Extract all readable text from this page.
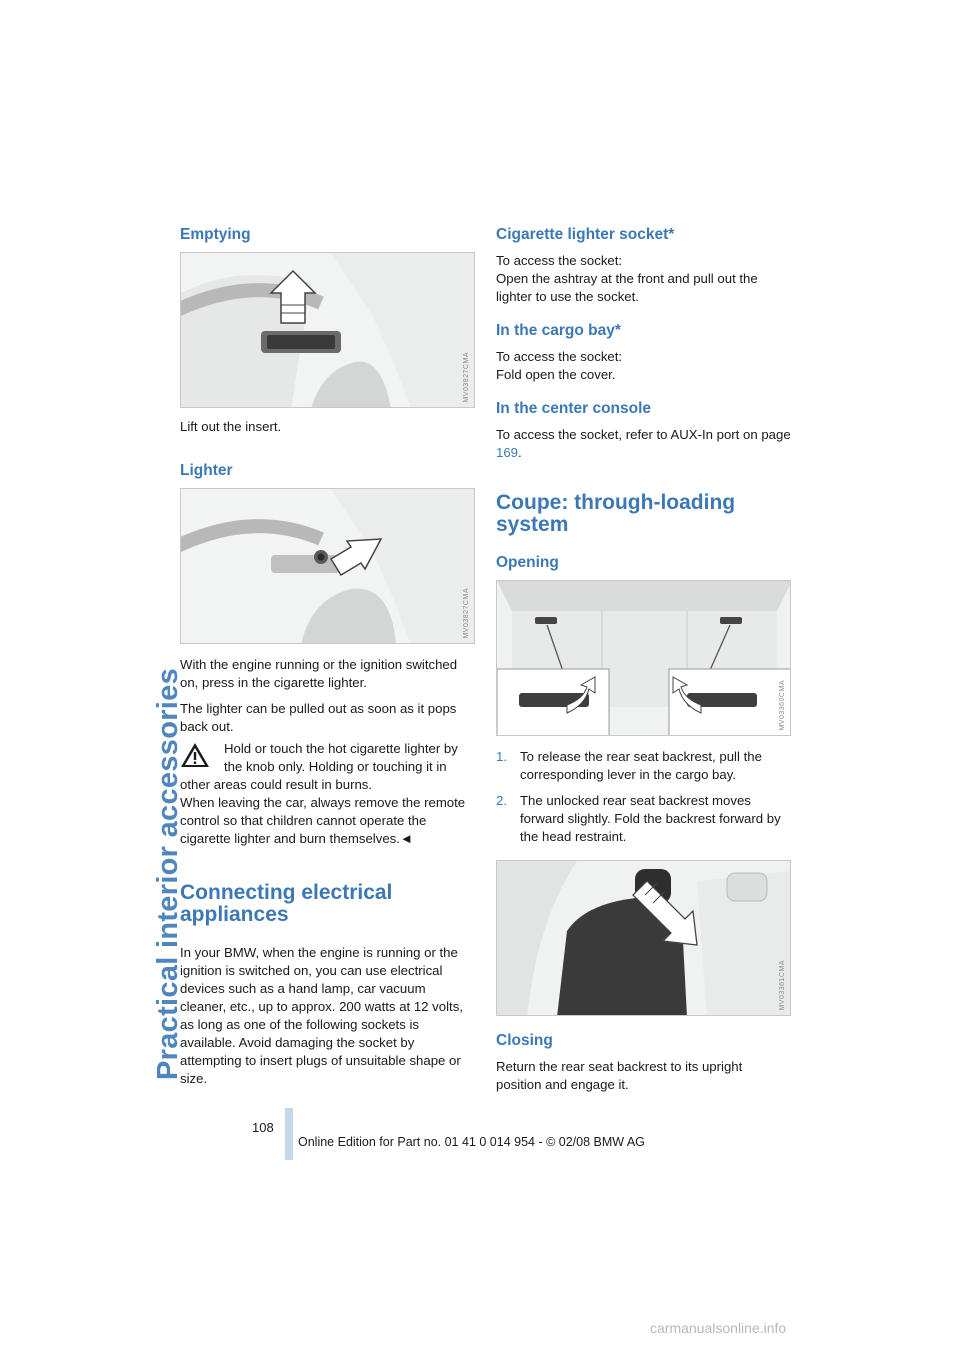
Practical interior accessories
Emptying
MV03827CMA

Lift out the insert.

Lighter
MV03827CMA

With the engine running or the ignition switched on, press in the cigarette lighter.

The lighter can be pulled out as soon as it pops back out.

Hold or touch the hot cigarette lighter by the knob only. Holding or touching it in other areas could result in burns.

When leaving the car, always remove the remote control so that children cannot operate the cigarette lighter and burn themselves.◄

Connecting electrical appliances

In your BMW, when the engine is running or the ignition is switched on, you can use electrical devices such as a hand lamp, car vacuum cleaner, etc., up to approx. 200 watts at 12 volts, as long as one of the following sockets is available. Avoid damaging the socket by attempting to insert plugs of unsuitable shape or size.

Cigarette lighter socket*

To access the socket:

Open the ashtray at the front and pull out the lighter to use the socket.

In the cargo bay*

To access the socket:

Fold open the cover.

In the center console

To access the socket, refer to AUX-In port on page 169.

Coupe: through-loading system
Opening
MV03360CMA
1. To release the rear seat backrest, pull the corresponding lever in the cargo bay.
2. The unlocked rear seat backrest moves forward slightly. Fold the backrest forward by the head restraint.
MV03361CMA
Closing

Return the rear seat backrest to its upright position and engage it.

108
Online Edition for Part no. 01 41 0 014 954 - © 02/08 BMW AG
carmanualsonline.info
